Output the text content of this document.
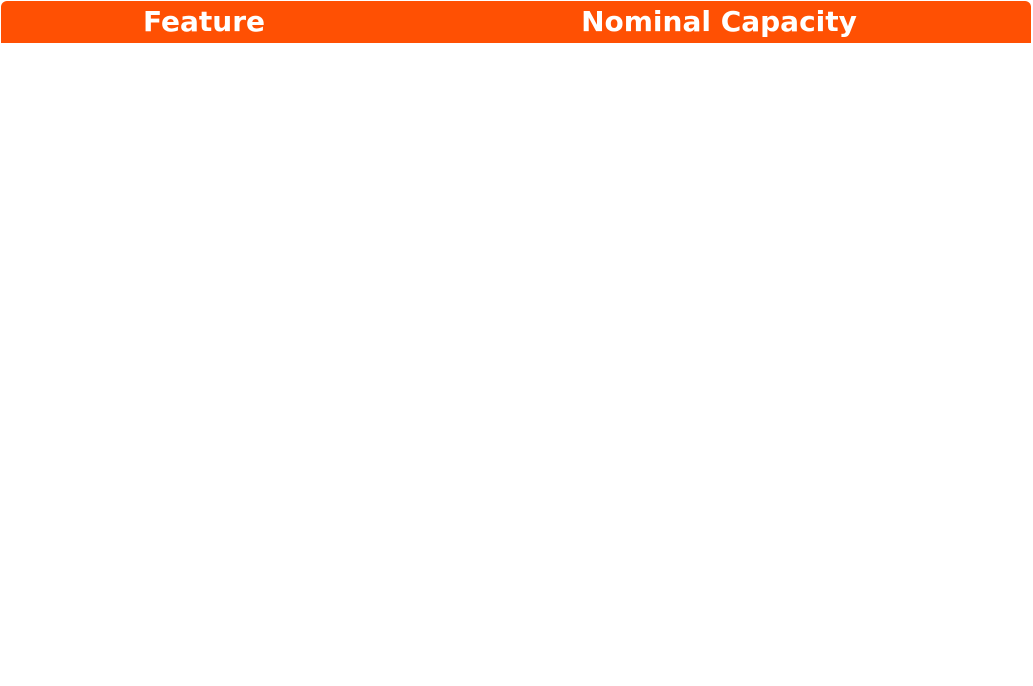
Feature	Nominal Capacity
